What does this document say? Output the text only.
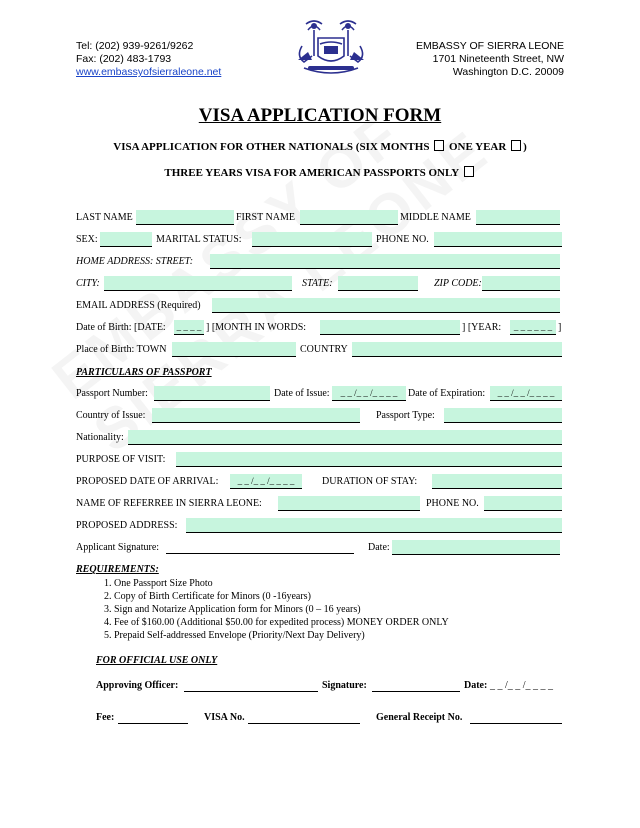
Tel: (202) 939-9261/9262
Fax: (202) 483-1793
www.embassyofsierraleone.net
EMBASSY OF SIERRA LEONE
1701 Nineteenth Street, NW
Washington D.C. 20009
VISA APPLICATION FORM
VISA APPLICATION FOR OTHER NATIONALS (SIX MONTHS ONE YEAR )
THREE YEARS VISA FOR AMERICAN PASSPORTS ONLY
LAST NAME	FIRST NAME	MIDDLE NAME
SEX:	MARITAL STATUS:	PHONE NO.
HOME ADDRESS: STREET:
CITY:	STATE:	ZIP CODE:
EMAIL ADDRESS (Required)
Date of Birth: [DATE: _ _ _ _ ] [MONTH IN WORDS:	] [YEAR:	_ _ _ _ _ _ ]
Place of Birth: TOWN	COUNTRY
PARTICULARS OF PASSPORT
Passport Number:	Date of Issue:	_ _ /_ _ /_ _ _ _	Date of Expiration:	_ _ /_ _ /_ _ _ _
Country of Issue:	Passport Type:
Nationality:
PURPOSE OF VISIT:
PROPOSED DATE OF ARRIVAL:	_ _ /_ _ /_ _ _ _	DURATION OF STAY:
NAME OF REFERREE IN SIERRA LEONE:	PHONE NO.
PROPOSED ADDRESS:
Applicant Signature:	Date:
REQUIREMENTS:
1. One Passport Size Photo
2. Copy of Birth Certificate for Minors (0 -16years)
3. Sign and Notarize Application form for Minors (0 – 16 years)
4. Fee of $160.00 (Additional $50.00 for expedited process) MONEY ORDER ONLY
5. Prepaid Self-addressed Envelope (Priority/Next Day Delivery)
FOR OFFICIAL USE ONLY
Approving Officer:	Signature:	Date: _ _ /_ _ /_ _ _ _
Fee:	VISA No.	General Receipt No.
